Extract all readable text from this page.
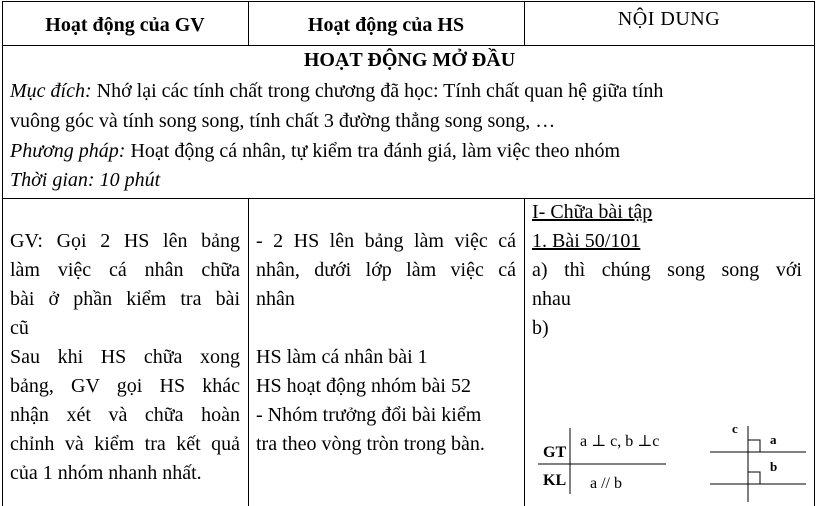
Hoạt động của GV	Hoạt động của HS	NỘI DUNG
HOẠT ĐỘNG MỞ ĐẦU
Mục đích: Nhớ lại các tính chất trong chương đã học: Tính chất quan hệ giữa tính
vuông góc và tính song song, tính chất 3 đường thẳng song song, …
Phương pháp: Hoạt động cá nhân, tự kiểm tra đánh giá, làm việc theo nhóm
Thời gian: 10 phút

GV: Gọi 2 HS lên bảng

làm việc cá nhân chữa

bài ở phần kiểm tra bài

cũ

Sau khi HS chữa xong

bảng, GV gọi HS khác

nhận xét và chữa hoàn

chỉnh và kiểm tra kết quả

của 1 nhóm nhanh nhất.

- 2 HS lên bảng làm việc cá

nhân, dưới lớp làm việc cá

nhân

HS làm cá nhân bài 1

HS hoạt động nhóm bài 52

- Nhóm trưởng đổi bài kiểm

tra theo vòng tròn trong bàn.

I- Chữa bài tập

1. Bài 50/101

a) thì chúng song song với

nhau

b)

GT
a ⊥ c, b ⊥c
KL a // b
c
a
b
